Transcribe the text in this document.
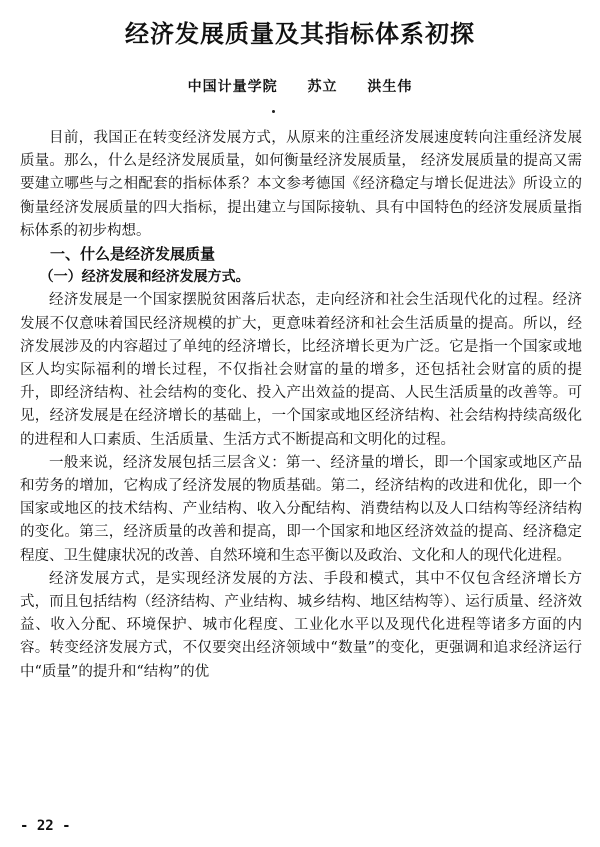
经济发展质量及其指标体系初探
中国计量学院 苏立 洪生伟

目前，我国正在转变经济发展方式，从原来的注重经济发展速度转向注重经济发展质量。那么，什么是经济发展质量，如何衡量经济发展质量， 经济发展质量的提高又需要建立哪些与之相配套的指标体系？本文参考德国《经济稳定与增长促进法》所设立的衡量经济发展质量的四大指标，提出建立与国际接轨、具有中国特色的经济发展质量指标体系的初步构想。

一、什么是经济发展质量
（一）经济发展和经济发展方式。

经济发展是一个国家摆脱贫困落后状态，走向经济和社会生活现代化的过程。经济发展不仅意味着国民经济规模的扩大，更意味着经济和社会生活质量的提高。所以，经济发展涉及的内容超过了单纯的经济增长，比经济增长更为广泛。它是指一个国家或地区人均实际福利的增长过程，不仅指社会财富的量的增多，还包括社会财富的质的提升，即经济结构、社会结构的变化、投入产出效益的提高、人民生活质量的改善等。可见，经济发展是在经济增长的基础上，一个国家或地区经济结构、社会结构持续高级化的进程和人口素质、生活质量、生活方式不断提高和文明化的过程。

一般来说，经济发展包括三层含义：第一、经济量的增长，即一个国家或地区产品和劳务的增加，它构成了经济发展的物质基础。第二，经济结构的改进和优化，即一个国家或地区的技术结构、产业结构、收入分配结构、消费结构以及人口结构等经济结构的变化。第三，经济质量的改善和提高，即一个国家和地区经济效益的提高、经济稳定程度、卫生健康状况的改善、自然环境和生态平衡以及政治、文化和人的现代化进程。

经济发展方式，是实现经济发展的方法、手段和模式，其中不仅包含经济增长方式，而且包括结构（经济结构、产业结构、城乡结构、地区结构等）、运行质量、经济效益、收入分配、环境保护、城市化程度、工业化水平以及现代化进程等诸多方面的内容。转变经济发展方式，不仅要突出经济领域中“数量”的变化，更强调和追求经济运行中“质量”的提升和“结构”的优

- 22 -
